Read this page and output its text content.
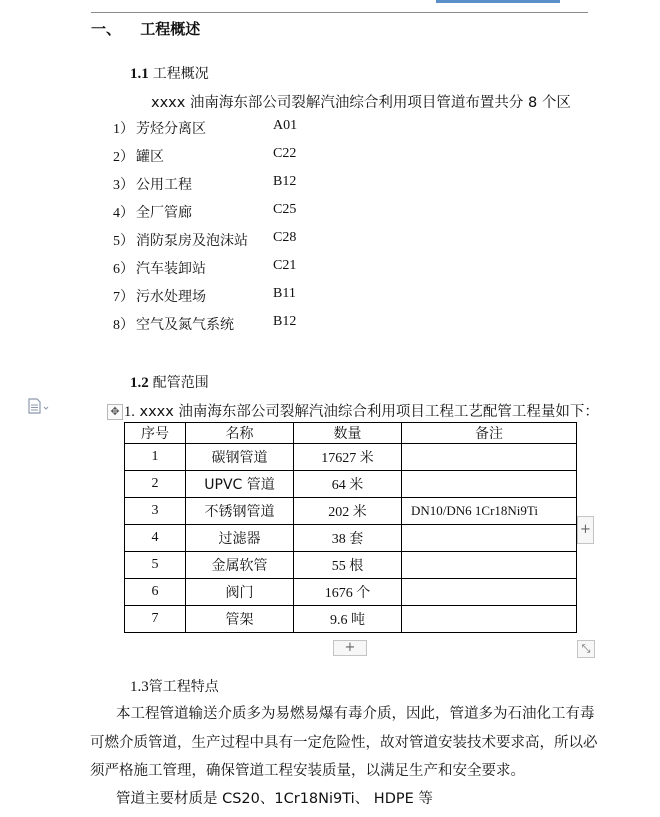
一、 工程概述
1.1 工程概况
xxxx 油南海东部公司裂解汽油综合利用项目管道布置共分 8 个区
1） 芳烃分离区	A01
2） 罐区	C22
3） 公用工程	B12
4） 全厂管廊	C25
5） 消防泵房及泡沫站 C28
6） 汽车装卸站	C21
7） 污水处理场	B11
8） 空气及氮气系统	B12
1.2 配管范围
✥ 1. xxxx 油南海东部公司裂解汽油综合利用项目工程工艺配管工程量如下：
序号	名称	数量	备注
1	碳钢管道	17627 米	
2	UPVC 管道	64 米	
3	不锈钢管道	202 米	DN10/DN6 1Cr18Ni9Ti
4	过滤器	38 套	
5	金属软管	55 根	
6	阀门	1676 个	
7	管架	9.6 吨	
+
+	⤡
1.3管工程特点
本工程管道输送介质多为易燃易爆有毒介质，因此，管道多为石油化工有毒
可燃介质管道，生产过程中具有一定危险性，故对管道安装技术要求高，所以必
须严格施工管理，确保管道工程安装质量，以满足生产和安全要求。
管道主要材质是 CS20、1Cr18Ni9Ti、 HDPE 等
